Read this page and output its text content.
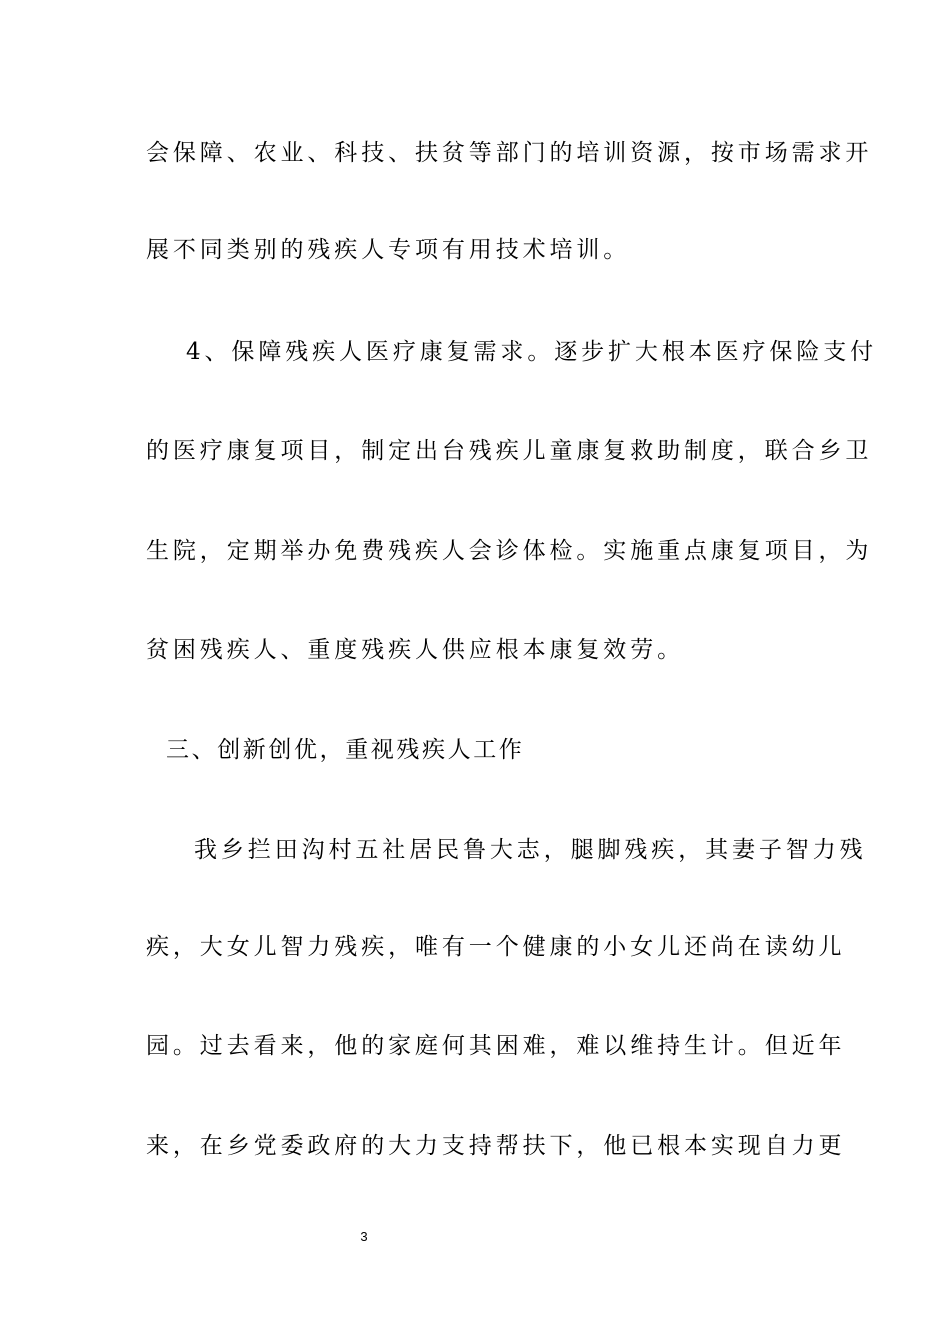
会保障、农业、科技、扶贫等部门的培训资源，按市场需求开
展不同类别的残疾人专项有用技术培训。
4、保障残疾人医疗康复需求。逐步扩大根本医疗保险支付
的医疗康复项目，制定出台残疾儿童康复救助制度，联合乡卫
生院，定期举办免费残疾人会诊体检。实施重点康复项目，为
贫困残疾人、重度残疾人供应根本康复效劳。
三、创新创优，重视残疾人工作
我乡拦田沟村五社居民鲁大志，腿脚残疾，其妻子智力残
疾，大女儿智力残疾，唯有一个健康的小女儿还尚在读幼儿
园。过去看来，他的家庭何其困难，难以维持生计。但近年
来，在乡党委政府的大力支持帮扶下，他已根本实现自力更
3
